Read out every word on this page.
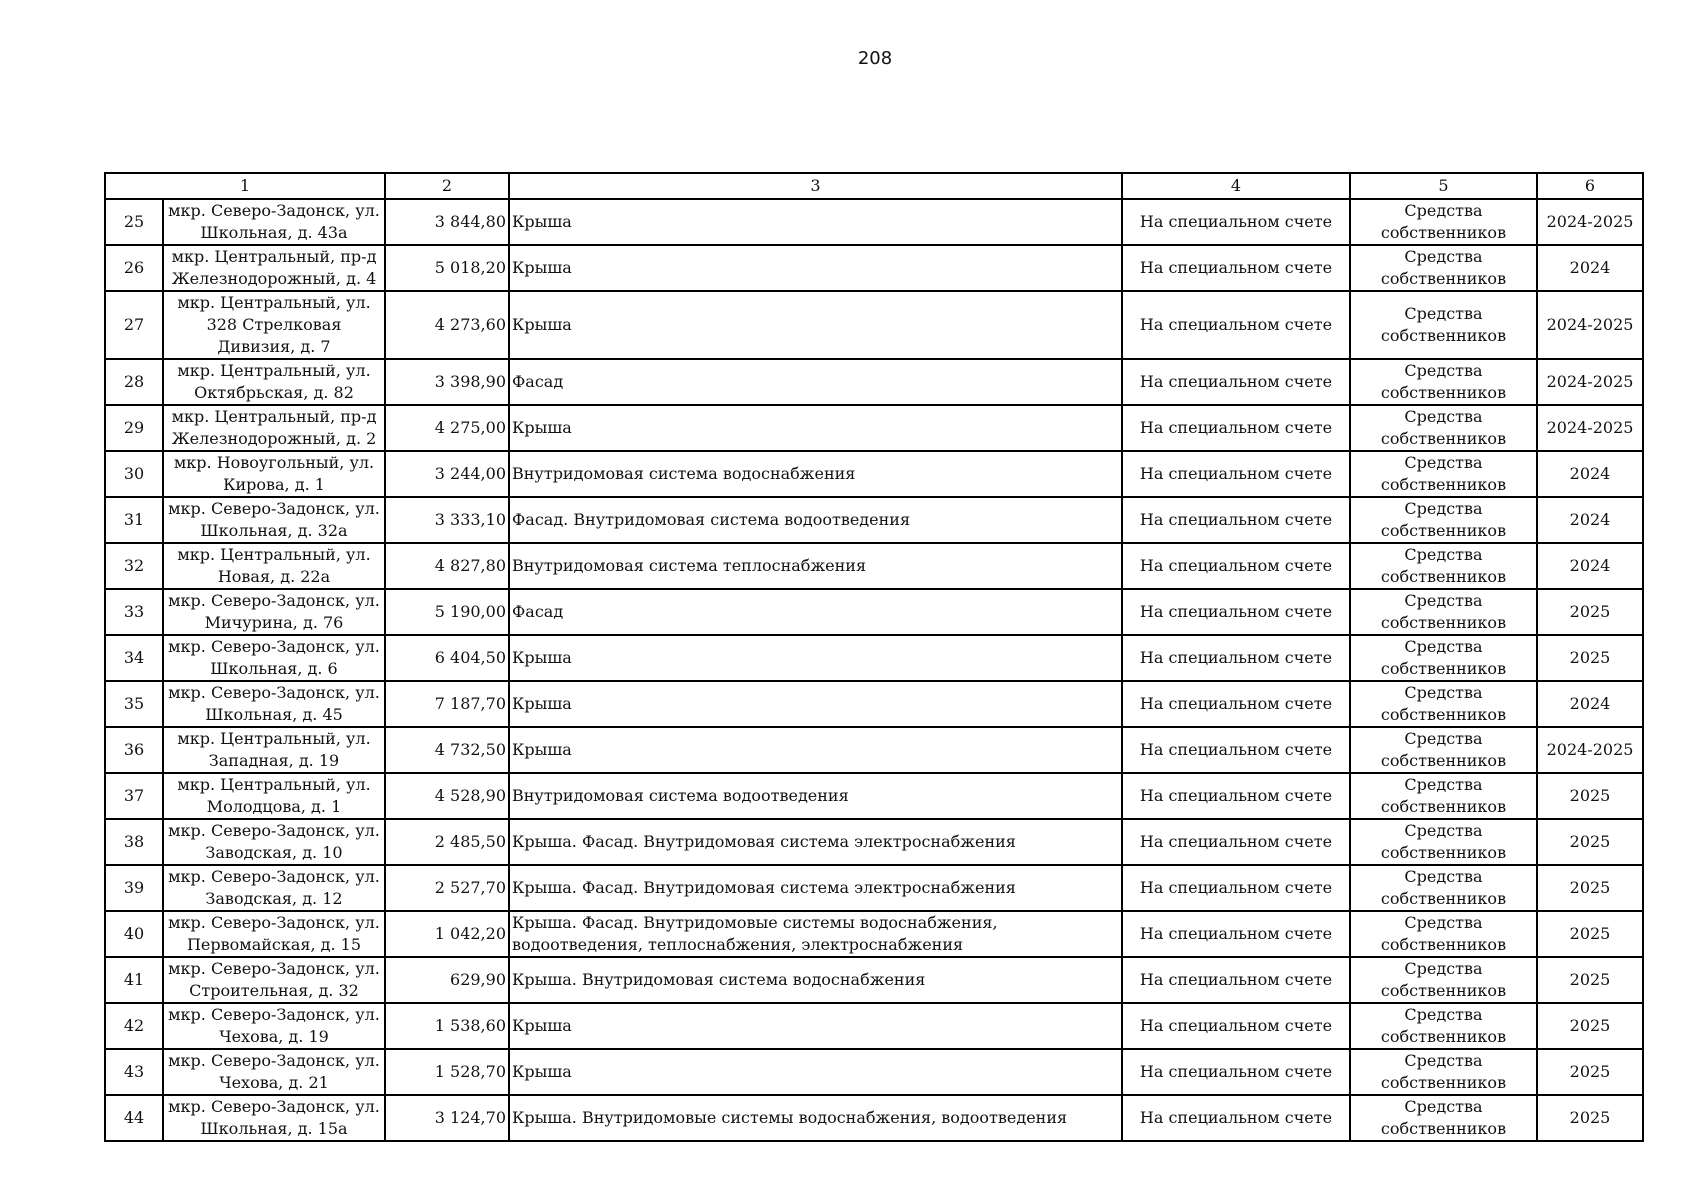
208
1		2	3	4	5	6
25	мкр. Северо-Задонск, ул. Школьная, д. 43а	3 844,80	Крыша	На специальном счете	Средства собственников	2024-2025
26	мкр. Центральный, пр-д Железнодорожный, д. 4	5 018,20	Крыша	На специальном счете	Средства собственников	2024
27	мкр. Центральный, ул. 328 Стрелковая Дивизия, д. 7	4 273,60	Крыша	На специальном счете	Средства собственников	2024-2025
28	мкр. Центральный, ул. Октябрьская, д. 82	3 398,90	Фасад	На специальном счете	Средства собственников	2024-2025
29	мкр. Центральный, пр-д Железнодорожный, д. 2	4 275,00	Крыша	На специальном счете	Средства собственников	2024-2025
30	мкр. Новоугольный, ул. Кирова, д. 1	3 244,00	Внутридомовая система водоснабжения	На специальном счете	Средства собственников	2024
31	мкр. Северо-Задонск, ул. Школьная, д. 32а	3 333,10	Фасад. Внутридомовая система водоотведения	На специальном счете	Средства собственников	2024
32	мкр. Центральный, ул. Новая, д. 22а	4 827,80	Внутридомовая система теплоснабжения	На специальном счете	Средства собственников	2024
33	мкр. Северо-Задонск, ул. Мичурина, д. 76	5 190,00	Фасад	На специальном счете	Средства собственников	2025
34	мкр. Северо-Задонск, ул. Школьная, д. 6	6 404,50	Крыша	На специальном счете	Средства собственников	2025
35	мкр. Северо-Задонск, ул. Школьная, д. 45	7 187,70	Крыша	На специальном счете	Средства собственников	2024
36	мкр. Центральный, ул. Западная, д. 19	4 732,50	Крыша	На специальном счете	Средства собственников	2024-2025
37	мкр. Центральный, ул. Молодцова, д. 1	4 528,90	Внутридомовая система водоотведения	На специальном счете	Средства собственников	2025
38	мкр. Северо-Задонск, ул. Заводская, д. 10	2 485,50	Крыша. Фасад. Внутридомовая система электроснабжения	На специальном счете	Средства собственников	2025
39	мкр. Северо-Задонск, ул. Заводская, д. 12	2 527,70	Крыша. Фасад. Внутридомовая система электроснабжения	На специальном счете	Средства собственников	2025
40	мкр. Северо-Задонск, ул. Первомайская, д. 15	1 042,20	Крыша. Фасад. Внутридомовые системы водоснабжения, водоотведения, теплоснабжения, электроснабжения	На специальном счете	Средства собственников	2025
41	мкр. Северо-Задонск, ул. Строительная, д. 32	629,90	Крыша. Внутридомовая система водоснабжения	На специальном счете	Средства собственников	2025
42	мкр. Северо-Задонск, ул. Чехова, д. 19	1 538,60	Крыша	На специальном счете	Средства собственников	2025
43	мкр. Северо-Задонск, ул. Чехова, д. 21	1 528,70	Крыша	На специальном счете	Средства собственников	2025
44	мкр. Северо-Задонск, ул. Школьная, д. 15а	3 124,70	Крыша. Внутридомовые системы водоснабжения, водоотведения	На специальном счете	Средства собственников	2025
